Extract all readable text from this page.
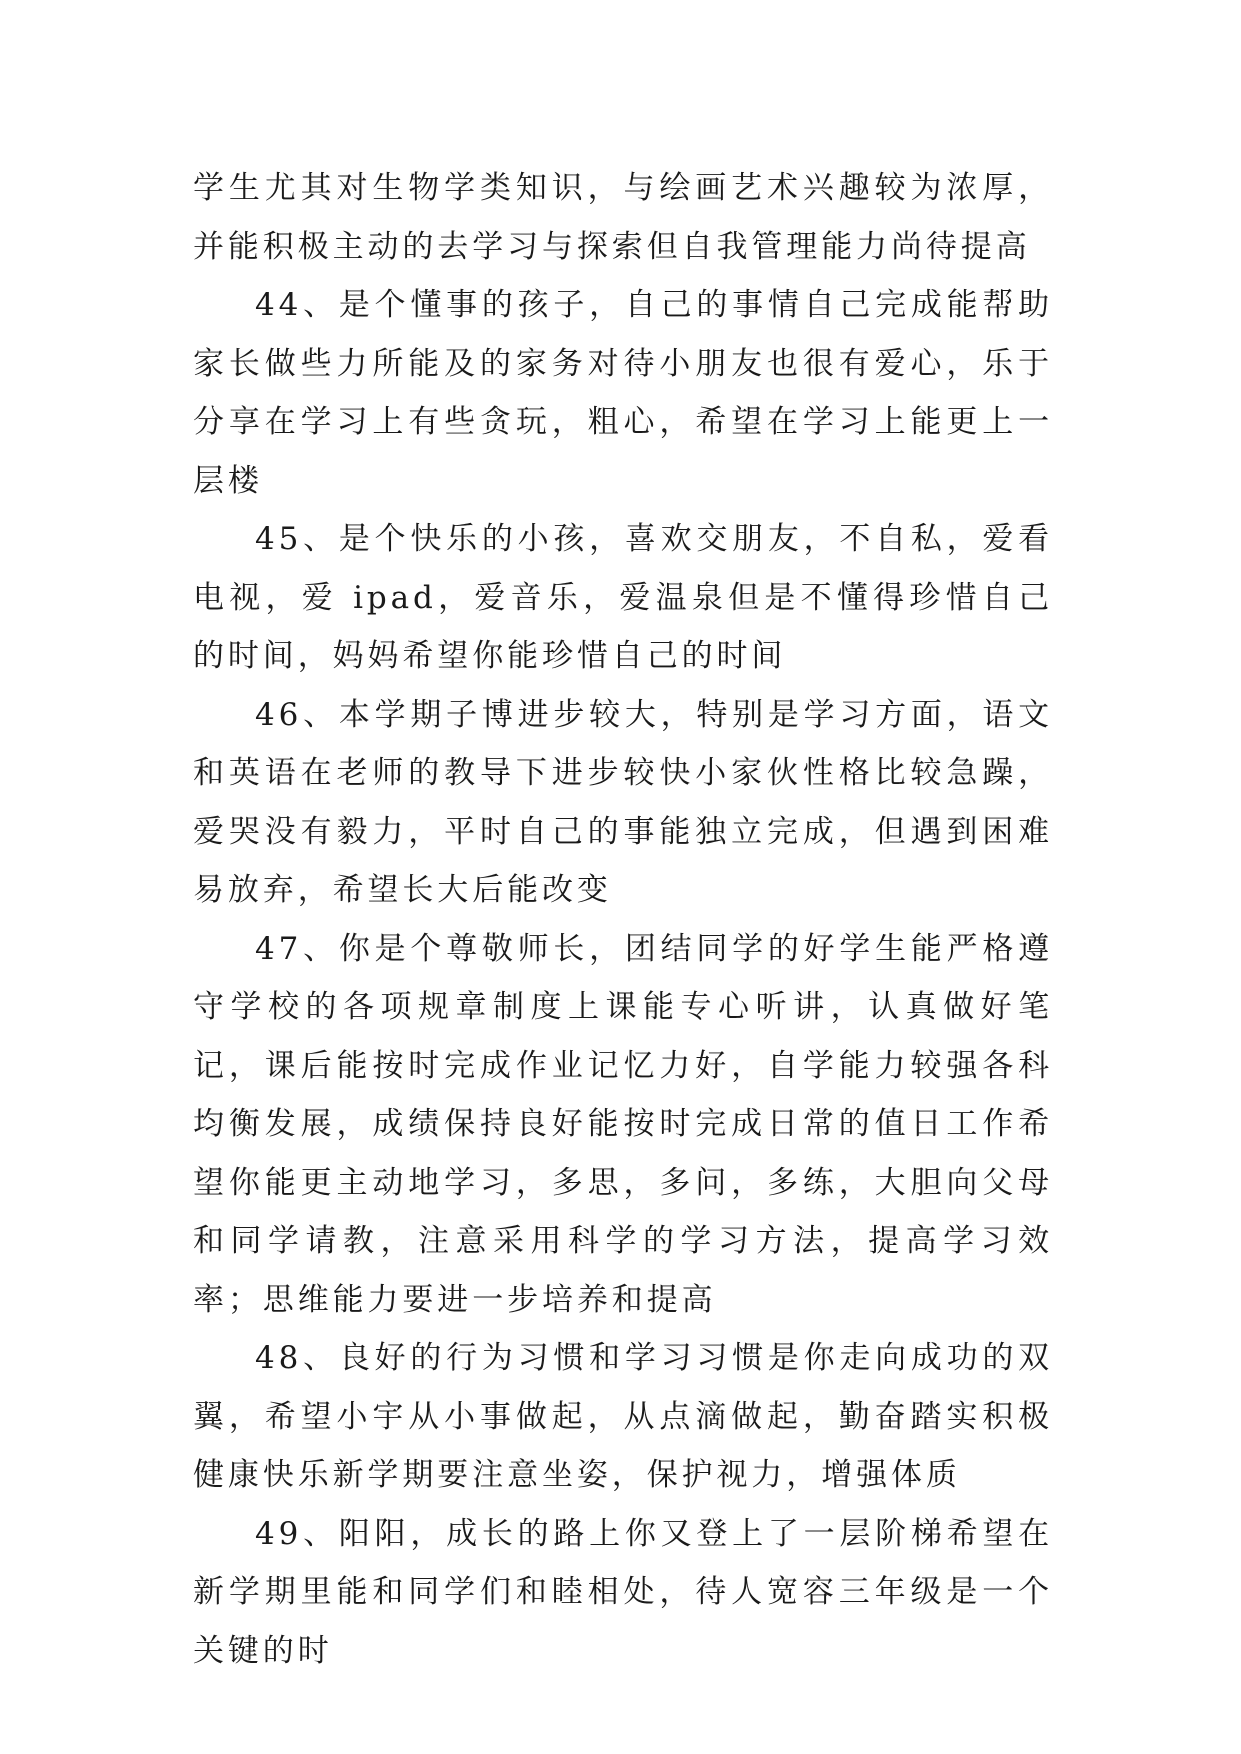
学生尤其对生物学类知识，与绘画艺术兴趣较为浓厚，并能积极主动的去学习与探索但自我管理能力尚待提高

44、是个懂事的孩子，自己的事情自己完成能帮助家长做些力所能及的家务对待小朋友也很有爱心，乐于分享在学习上有些贪玩，粗心，希望在学习上能更上一层楼

45、是个快乐的小孩，喜欢交朋友，不自私，爱看电视，爱 ipad，爱音乐，爱温泉但是不懂得珍惜自己的时间，妈妈希望你能珍惜自己的时间

46、本学期子博进步较大，特别是学习方面，语文和英语在老师的教导下进步较快小家伙性格比较急躁，爱哭没有毅力，平时自己的事能独立完成，但遇到困难易放弃，希望长大后能改变

47、你是个尊敬师长，团结同学的好学生能严格遵守学校的各项规章制度上课能专心听讲，认真做好笔记，课后能按时完成作业记忆力好，自学能力较强各科均衡发展，成绩保持良好能按时完成日常的值日工作希望你能更主动地学习，多思，多问，多练，大胆向父母和同学请教，注意采用科学的学习方法，提高学习效率；思维能力要进一步培养和提高

48、良好的行为习惯和学习习惯是你走向成功的双翼，希望小宇从小事做起，从点滴做起，勤奋踏实积极健康快乐新学期要注意坐姿，保护视力，增强体质

49、阳阳，成长的路上你又登上了一层阶梯希望在新学期里能和同学们和睦相处，待人宽容三年级是一个关键的时
